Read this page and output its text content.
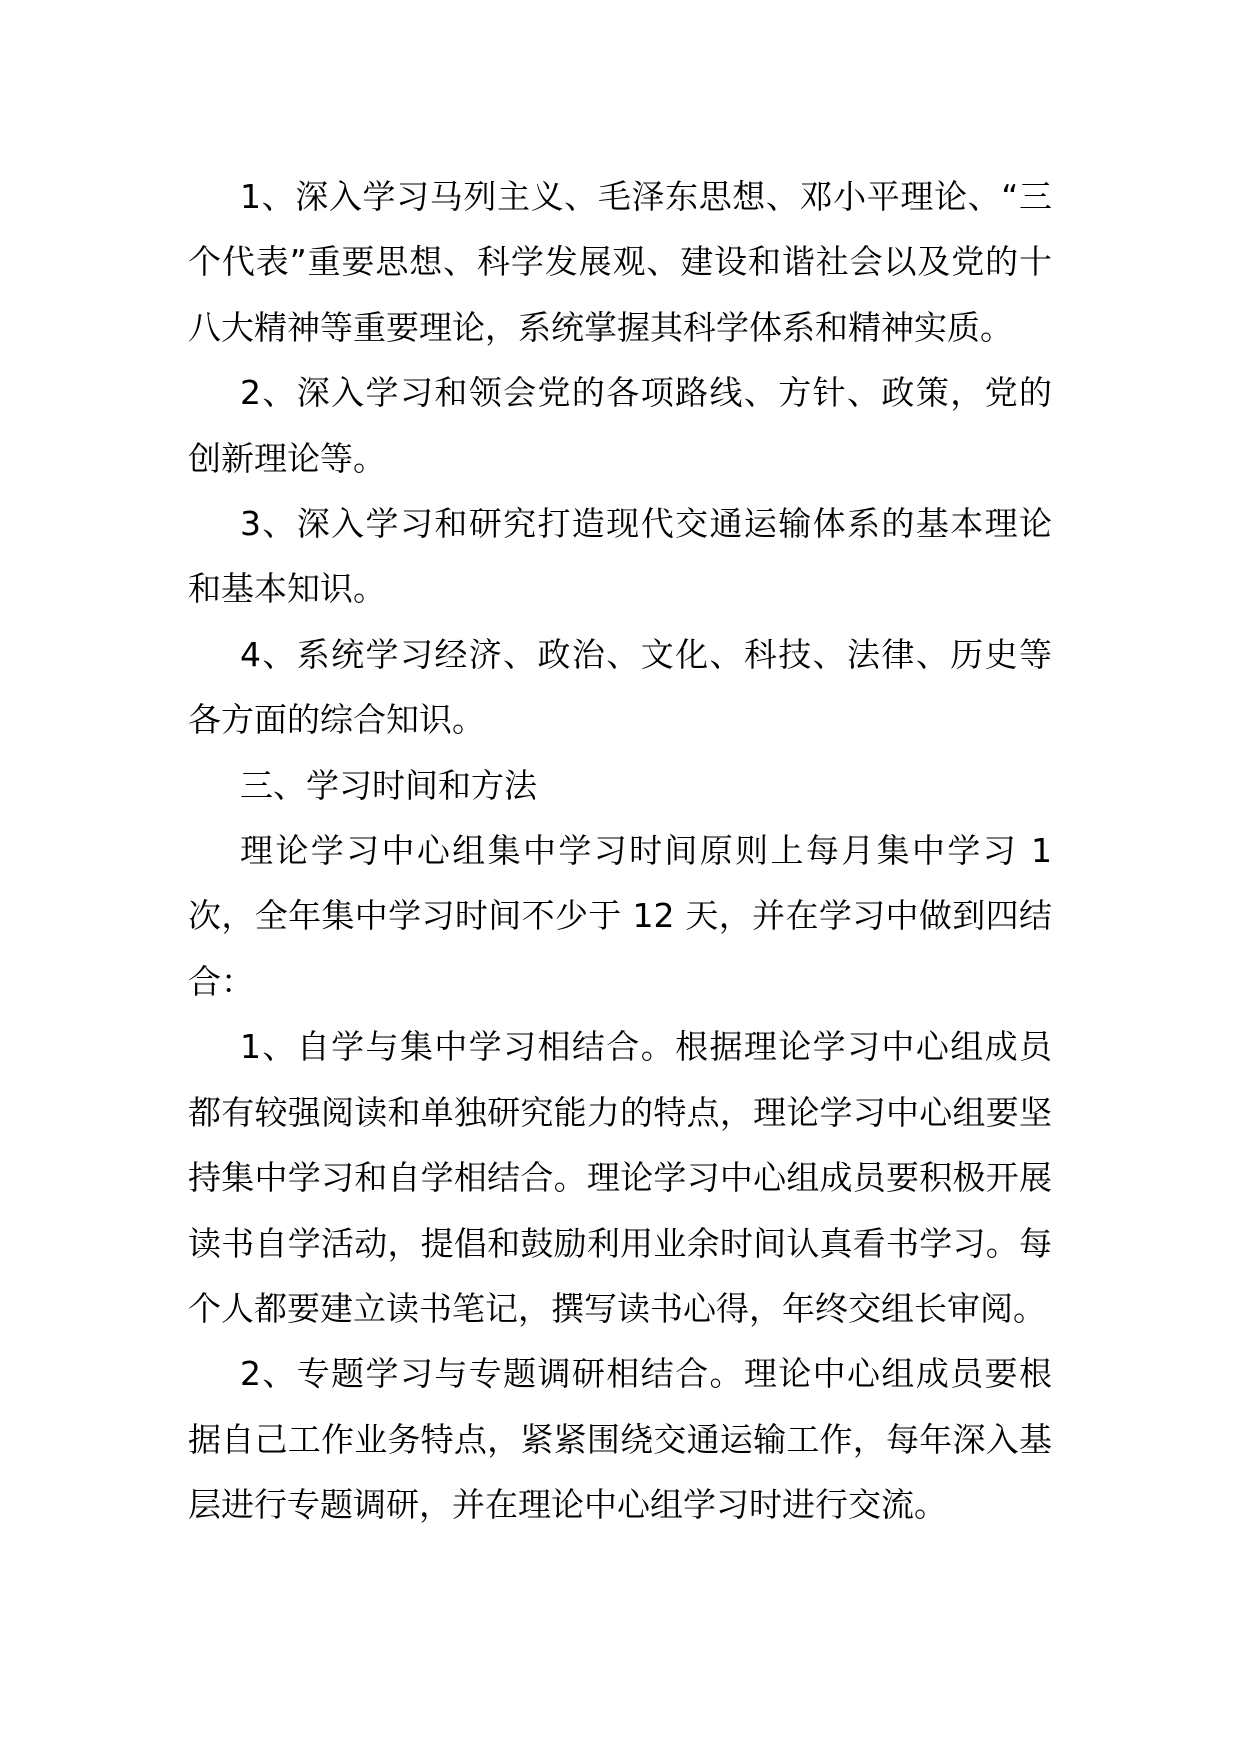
1、深入学习马列主义、毛泽东思想、邓小平理论、“三个代表”重要思想、科学发展观、建设和谐社会以及党的十八大精神等重要理论，系统掌握其科学体系和精神实质。

2、深入学习和领会党的各项路线、方针、政策，党的创新理论等。

3、深入学习和研究打造现代交通运输体系的基本理论和基本知识。

4、系统学习经济、政治、文化、科技、法律、历史等各方面的综合知识。

三、学习时间和方法

理论学习中心组集中学习时间原则上每月集中学习 1 次，全年集中学习时间不少于 12 天，并在学习中做到四结合：

1、自学与集中学习相结合。根据理论学习中心组成员都有较强阅读和单独研究能力的特点，理论学习中心组要坚持集中学习和自学相结合。理论学习中心组成员要积极开展读书自学活动，提倡和鼓励利用业余时间认真看书学习。每个人都要建立读书笔记，撰写读书心得，年终交组长审阅。

2、专题学习与专题调研相结合。理论中心组成员要根据自己工作业务特点，紧紧围绕交通运输工作，每年深入基层进行专题调研，并在理论中心组学习时进行交流。
